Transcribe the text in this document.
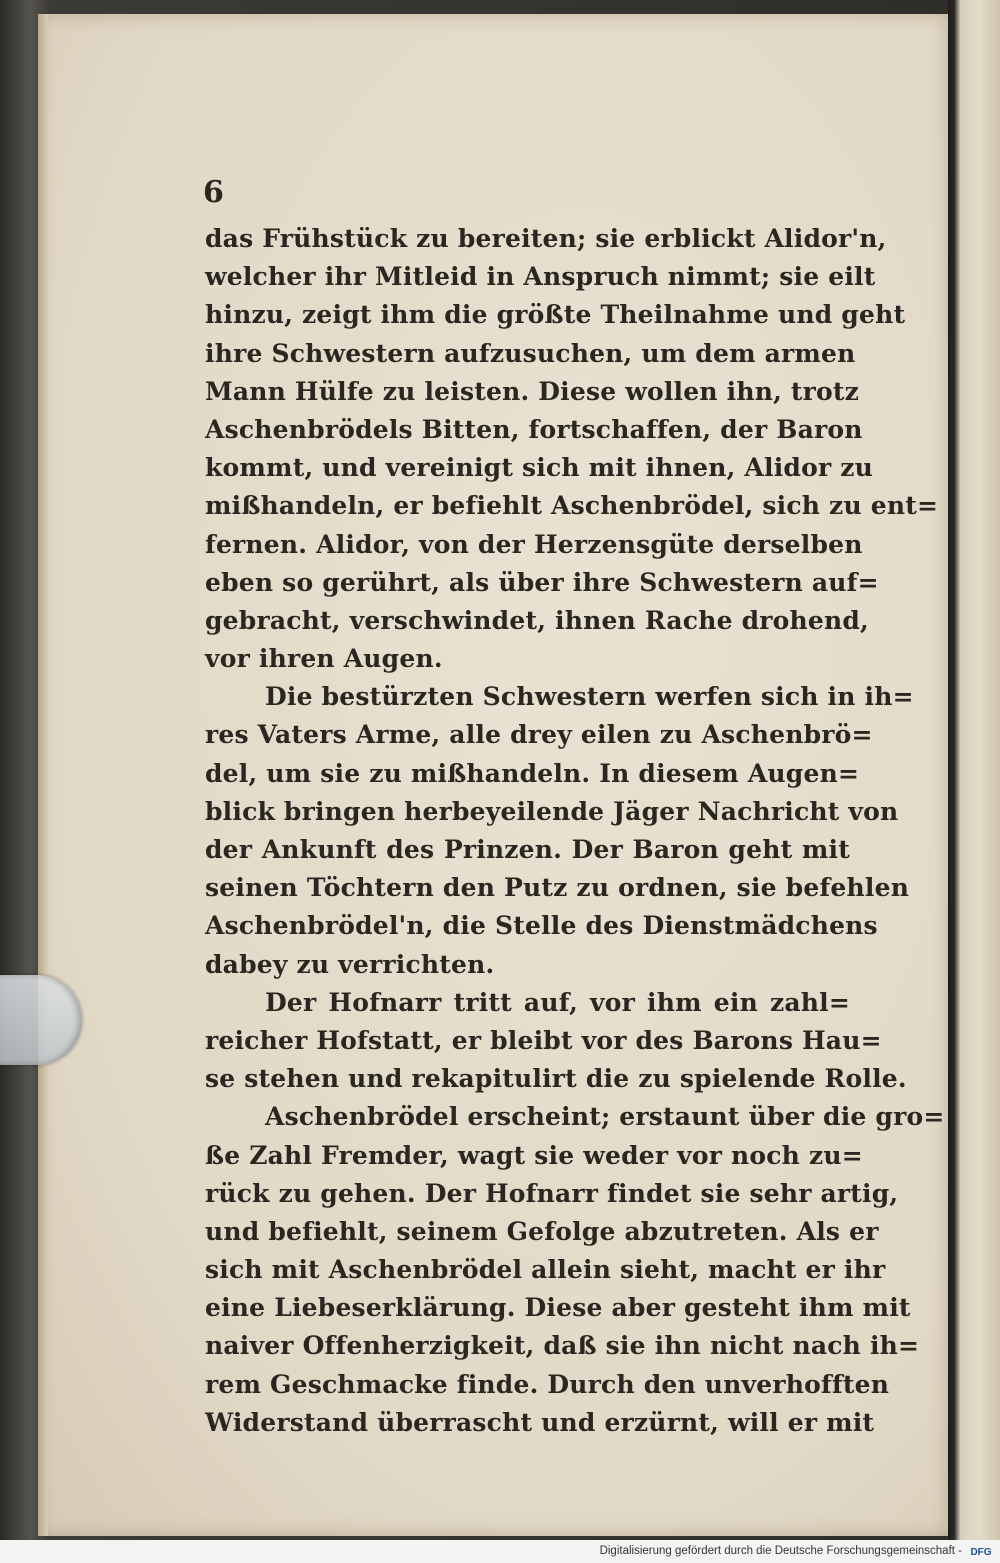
6

das Frühstück zu bereiten; sie erblickt Alidor'n,
welcher ihr Mitleid in Anspruch nimmt; sie eilt
hinzu, zeigt ihm die größte Theilnahme und geht
ihre Schwestern aufzusuchen, um dem armen
Mann Hülfe zu leisten. Diese wollen ihn, trotz
Aschenbrödels Bitten, fortschaffen, der Baron
kommt, und vereinigt sich mit ihnen, Alidor zu
mißhandeln, er befiehlt Aschenbrödel, sich zu ent=
fernen. Alidor, von der Herzensgüte derselben
eben so gerührt, als über ihre Schwestern auf=
gebracht, verschwindet, ihnen Rache drohend,
vor ihren Augen.
Die bestürzten Schwestern werfen sich in ih=
res Vaters Arme, alle drey eilen zu Aschenbrö=
del, um sie zu mißhandeln. In diesem Augen=
blick bringen herbeyeilende Jäger Nachricht von
der Ankunft des Prinzen. Der Baron geht mit
seinen Töchtern den Putz zu ordnen, sie befehlen
Aschenbrödel'n, die Stelle des Dienstmädchens
dabey zu verrichten.
Der Hofnarr tritt auf, vor ihm ein zahl=
reicher Hofstatt, er bleibt vor des Barons Hau=
se stehen und rekapitulirt die zu spielende Rolle.
Aschenbrödel erscheint; erstaunt über die gro=
ße Zahl Fremder, wagt sie weder vor noch zu=
rück zu gehen. Der Hofnarr findet sie sehr artig,
und befiehlt, seinem Gefolge abzutreten. Als er
sich mit Aschenbrödel allein sieht, macht er ihr
eine Liebeserklärung. Diese aber gesteht ihm mit
naiver Offenherzigkeit, daß sie ihn nicht nach ih=
rem Geschmacke finde. Durch den unverhofften
Widerstand überrascht und erzürnt, will er mit
Digitalisierung gefördert durch die Deutsche Forschungsgemeinschaft - DFG
